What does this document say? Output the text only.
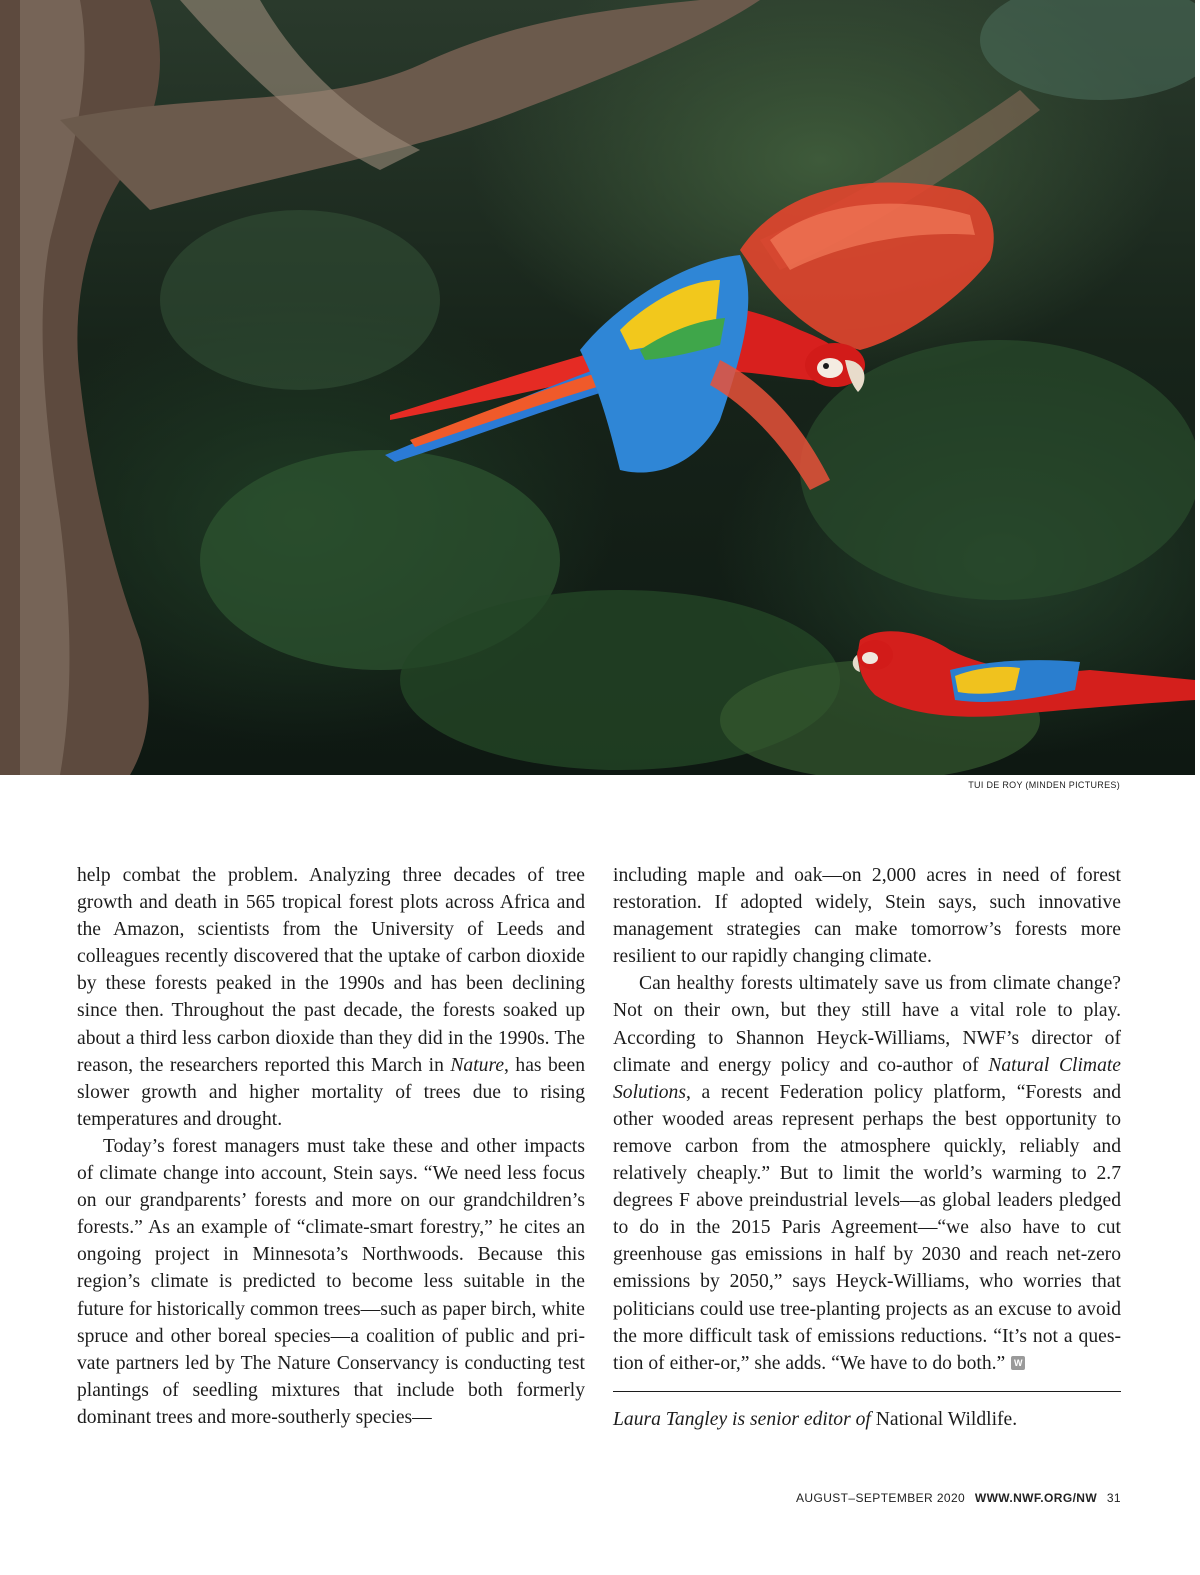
TUI DE ROY (MINDEN PICTURES)

help combat the problem. Analyzing three decades of tree growth and death in 565 tropical forest plots across Africa and the Amazon, scientists from the University of Leeds and colleagues recently discovered that the uptake of carbon dioxide by these forests peaked in the 1990s and has been declining since then. Throughout the past decade, the forests soaked up about a third less carbon dioxide than they did in the 1990s. The reason, the researchers reported this March in Nature, has been slower growth and higher mortality of trees due to rising temperatures and drought.

Today’s forest managers must take these and other impacts of climate change into account, Stein says. “We need less focus on our grandparents’ forests and more on our grandchildren’s forests.” As an example of “climate-smart forestry,” he cites an ongoing project in Minnesota’s Northwoods. Because this region’s climate is predicted to become less suitable in the future for historically common trees—such as paper birch, white spruce and other boreal species—a coalition of public and private partners led by The Nature Conservancy is conducting test plantings of seedling mixtures that include both formerly dominant trees and more-southerly species—

including maple and oak—on 2,000 acres in need of forest restoration. If adopted widely, Stein says, such innovative management strategies can make tomorrow’s forests more resilient to our rapidly changing climate.

Can healthy forests ultimately save us from climate change? Not on their own, but they still have a vital role to play. According to Shannon Heyck-Williams, NWF’s director of climate and energy policy and co-author of Natural Climate Solutions, a recent Federation policy platform, “Forests and other wooded areas represent perhaps the best opportunity to remove carbon from the atmosphere quickly, reliably and relatively cheaply.” But to limit the world’s warming to 2.7 degrees F above preindustrial levels—as global leaders pledged to do in the 2015 Paris Agreement—“we also have to cut greenhouse gas emissions in half by 2030 and reach net-zero emissions by 2050,” says Heyck-Williams, who worries that politicians could use tree-planting projects as an excuse to avoid the more difficult task of emissions reductions. “It’s not a question of either-or,” she adds. “We have to do both.”W

Laura Tangley is senior editor of National Wildlife.

AUGUST–SEPTEMBER 2020 WWW.NWF.ORG/NW 31
